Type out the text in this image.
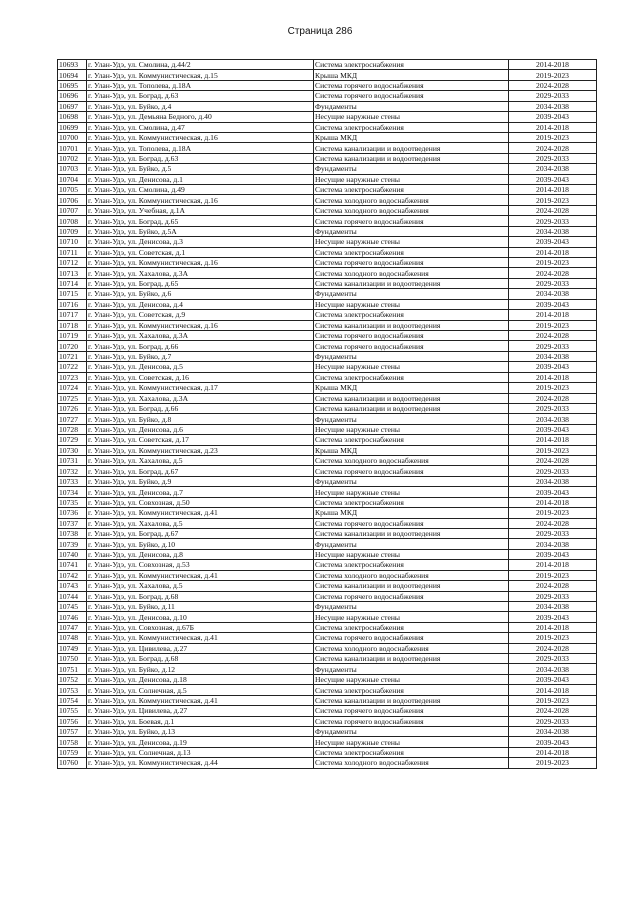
Страница 286
10693	г. Улан-Удэ, ул. Смолина, д.44/2	Система электроснабжения	2014-2018
10694	г. Улан-Удэ, ул. Коммунистическая, д.15	Крыша МКД	2019-2023
10695	г. Улан-Удэ, ул. Тополева, д.18А	Система горячего водоснабжения	2024-2028
10696	г. Улан-Удэ, ул. Боград, д.63	Система горячего водоснабжения	2029-2033
10697	г. Улан-Удэ, ул. Буйко, д.4	Фундаменты	2034-2038
10698	г. Улан-Удэ, ул. Демьяна Бедного, д.40	Несущие наружные стены	2039-2043
10699	г. Улан-Удэ, ул. Смолина, д.47	Система электроснабжения	2014-2018
10700	г. Улан-Удэ, ул. Коммунистическая, д.16	Крыша МКД	2019-2023
10701	г. Улан-Удэ, ул. Тополева, д.18А	Система канализации и водоотведения	2024-2028
10702	г. Улан-Удэ, ул. Боград, д.63	Система канализации и водоотведения	2029-2033
10703	г. Улан-Удэ, ул. Буйко, д.5	Фундаменты	2034-2038
10704	г. Улан-Удэ, ул. Денисова, д.1	Несущие наружные стены	2039-2043
10705	г. Улан-Удэ, ул. Смолина, д.49	Система электроснабжения	2014-2018
10706	г. Улан-Удэ, ул. Коммунистическая, д.16	Система холодного водоснабжения	2019-2023
10707	г. Улан-Удэ, ул. Учебная, д.1А	Система холодного водоснабжения	2024-2028
10708	г. Улан-Удэ, ул. Боград, д.65	Система горячего водоснабжения	2029-2033
10709	г. Улан-Удэ, ул. Буйко, д.5А	Фундаменты	2034-2038
10710	г. Улан-Удэ, ул. Денисова, д.3	Несущие наружные стены	2039-2043
10711	г. Улан-Удэ, ул. Советская, д.1	Система электроснабжения	2014-2018
10712	г. Улан-Удэ, ул. Коммунистическая, д.16	Система горячего водоснабжения	2019-2023
10713	г. Улан-Удэ, ул. Хахалова, д.3А	Система холодного водоснабжения	2024-2028
10714	г. Улан-Удэ, ул. Боград, д.65	Система канализации и водоотведения	2029-2033
10715	г. Улан-Удэ, ул. Буйко, д.6	Фундаменты	2034-2038
10716	г. Улан-Удэ, ул. Денисова, д.4	Несущие наружные стены	2039-2043
10717	г. Улан-Удэ, ул. Советская, д.9	Система электроснабжения	2014-2018
10718	г. Улан-Удэ, ул. Коммунистическая, д.16	Система канализации и водоотведения	2019-2023
10719	г. Улан-Удэ, ул. Хахалова, д.3А	Система горячего водоснабжения	2024-2028
10720	г. Улан-Удэ, ул. Боград, д.66	Система горячего водоснабжения	2029-2033
10721	г. Улан-Удэ, ул. Буйко, д.7	Фундаменты	2034-2038
10722	г. Улан-Удэ, ул. Денисова, д.5	Несущие наружные стены	2039-2043
10723	г. Улан-Удэ, ул. Советская, д.16	Система электроснабжения	2014-2018
10724	г. Улан-Удэ, ул. Коммунистическая, д.17	Крыша МКД	2019-2023
10725	г. Улан-Удэ, ул. Хахалова, д.3А	Система канализации и водоотведения	2024-2028
10726	г. Улан-Удэ, ул. Боград, д.66	Система канализации и водоотведения	2029-2033
10727	г. Улан-Удэ, ул. Буйко, д.8	Фундаменты	2034-2038
10728	г. Улан-Удэ, ул. Денисова, д.6	Несущие наружные стены	2039-2043
10729	г. Улан-Удэ, ул. Советская, д.17	Система электроснабжения	2014-2018
10730	г. Улан-Удэ, ул. Коммунистическая, д.23	Крыша МКД	2019-2023
10731	г. Улан-Удэ, ул. Хахалова, д.5	Система холодного водоснабжения	2024-2028
10732	г. Улан-Удэ, ул. Боград, д.67	Система горячего водоснабжения	2029-2033
10733	г. Улан-Удэ, ул. Буйко, д.9	Фундаменты	2034-2038
10734	г. Улан-Удэ, ул. Денисова, д.7	Несущие наружные стены	2039-2043
10735	г. Улан-Удэ, ул. Совхозная, д.50	Система электроснабжения	2014-2018
10736	г. Улан-Удэ, ул. Коммунистическая, д.41	Крыша МКД	2019-2023
10737	г. Улан-Удэ, ул. Хахалова, д.5	Система горячего водоснабжения	2024-2028
10738	г. Улан-Удэ, ул. Боград, д.67	Система канализации и водоотведения	2029-2033
10739	г. Улан-Удэ, ул. Буйко, д.10	Фундаменты	2034-2038
10740	г. Улан-Удэ, ул. Денисова, д.8	Несущие наружные стены	2039-2043
10741	г. Улан-Удэ, ул. Совхозная, д.53	Система электроснабжения	2014-2018
10742	г. Улан-Удэ, ул. Коммунистическая, д.41	Система холодного водоснабжения	2019-2023
10743	г. Улан-Удэ, ул. Хахалова, д.5	Система канализации и водоотведения	2024-2028
10744	г. Улан-Удэ, ул. Боград, д.68	Система горячего водоснабжения	2029-2033
10745	г. Улан-Удэ, ул. Буйко, д.11	Фундаменты	2034-2038
10746	г. Улан-Удэ, ул. Денисова, д.10	Несущие наружные стены	2039-2043
10747	г. Улан-Удэ, ул. Совхозная, д.67Б	Система электроснабжения	2014-2018
10748	г. Улан-Удэ, ул. Коммунистическая, д.41	Система горячего водоснабжения	2019-2023
10749	г. Улан-Удэ, ул. Цивилева, д.27	Система холодного водоснабжения	2024-2028
10750	г. Улан-Удэ, ул. Боград, д.68	Система канализации и водоотведения	2029-2033
10751	г. Улан-Удэ, ул. Буйко, д.12	Фундаменты	2034-2038
10752	г. Улан-Удэ, ул. Денисова, д.18	Несущие наружные стены	2039-2043
10753	г. Улан-Удэ, ул. Солнечная, д.5	Система электроснабжения	2014-2018
10754	г. Улан-Удэ, ул. Коммунистическая, д.41	Система канализации и водоотведения	2019-2023
10755	г. Улан-Удэ, ул. Цивилева, д.27	Система горячего водоснабжения	2024-2028
10756	г. Улан-Удэ, ул. Боевая, д.1	Система горячего водоснабжения	2029-2033
10757	г. Улан-Удэ, ул. Буйко, д.13	Фундаменты	2034-2038
10758	г. Улан-Удэ, ул. Денисова, д.19	Несущие наружные стены	2039-2043
10759	г. Улан-Удэ, ул. Солнечная, д.13	Система электроснабжения	2014-2018
10760	г. Улан-Удэ, ул. Коммунистическая, д.44	Система холодного водоснабжения	2019-2023
